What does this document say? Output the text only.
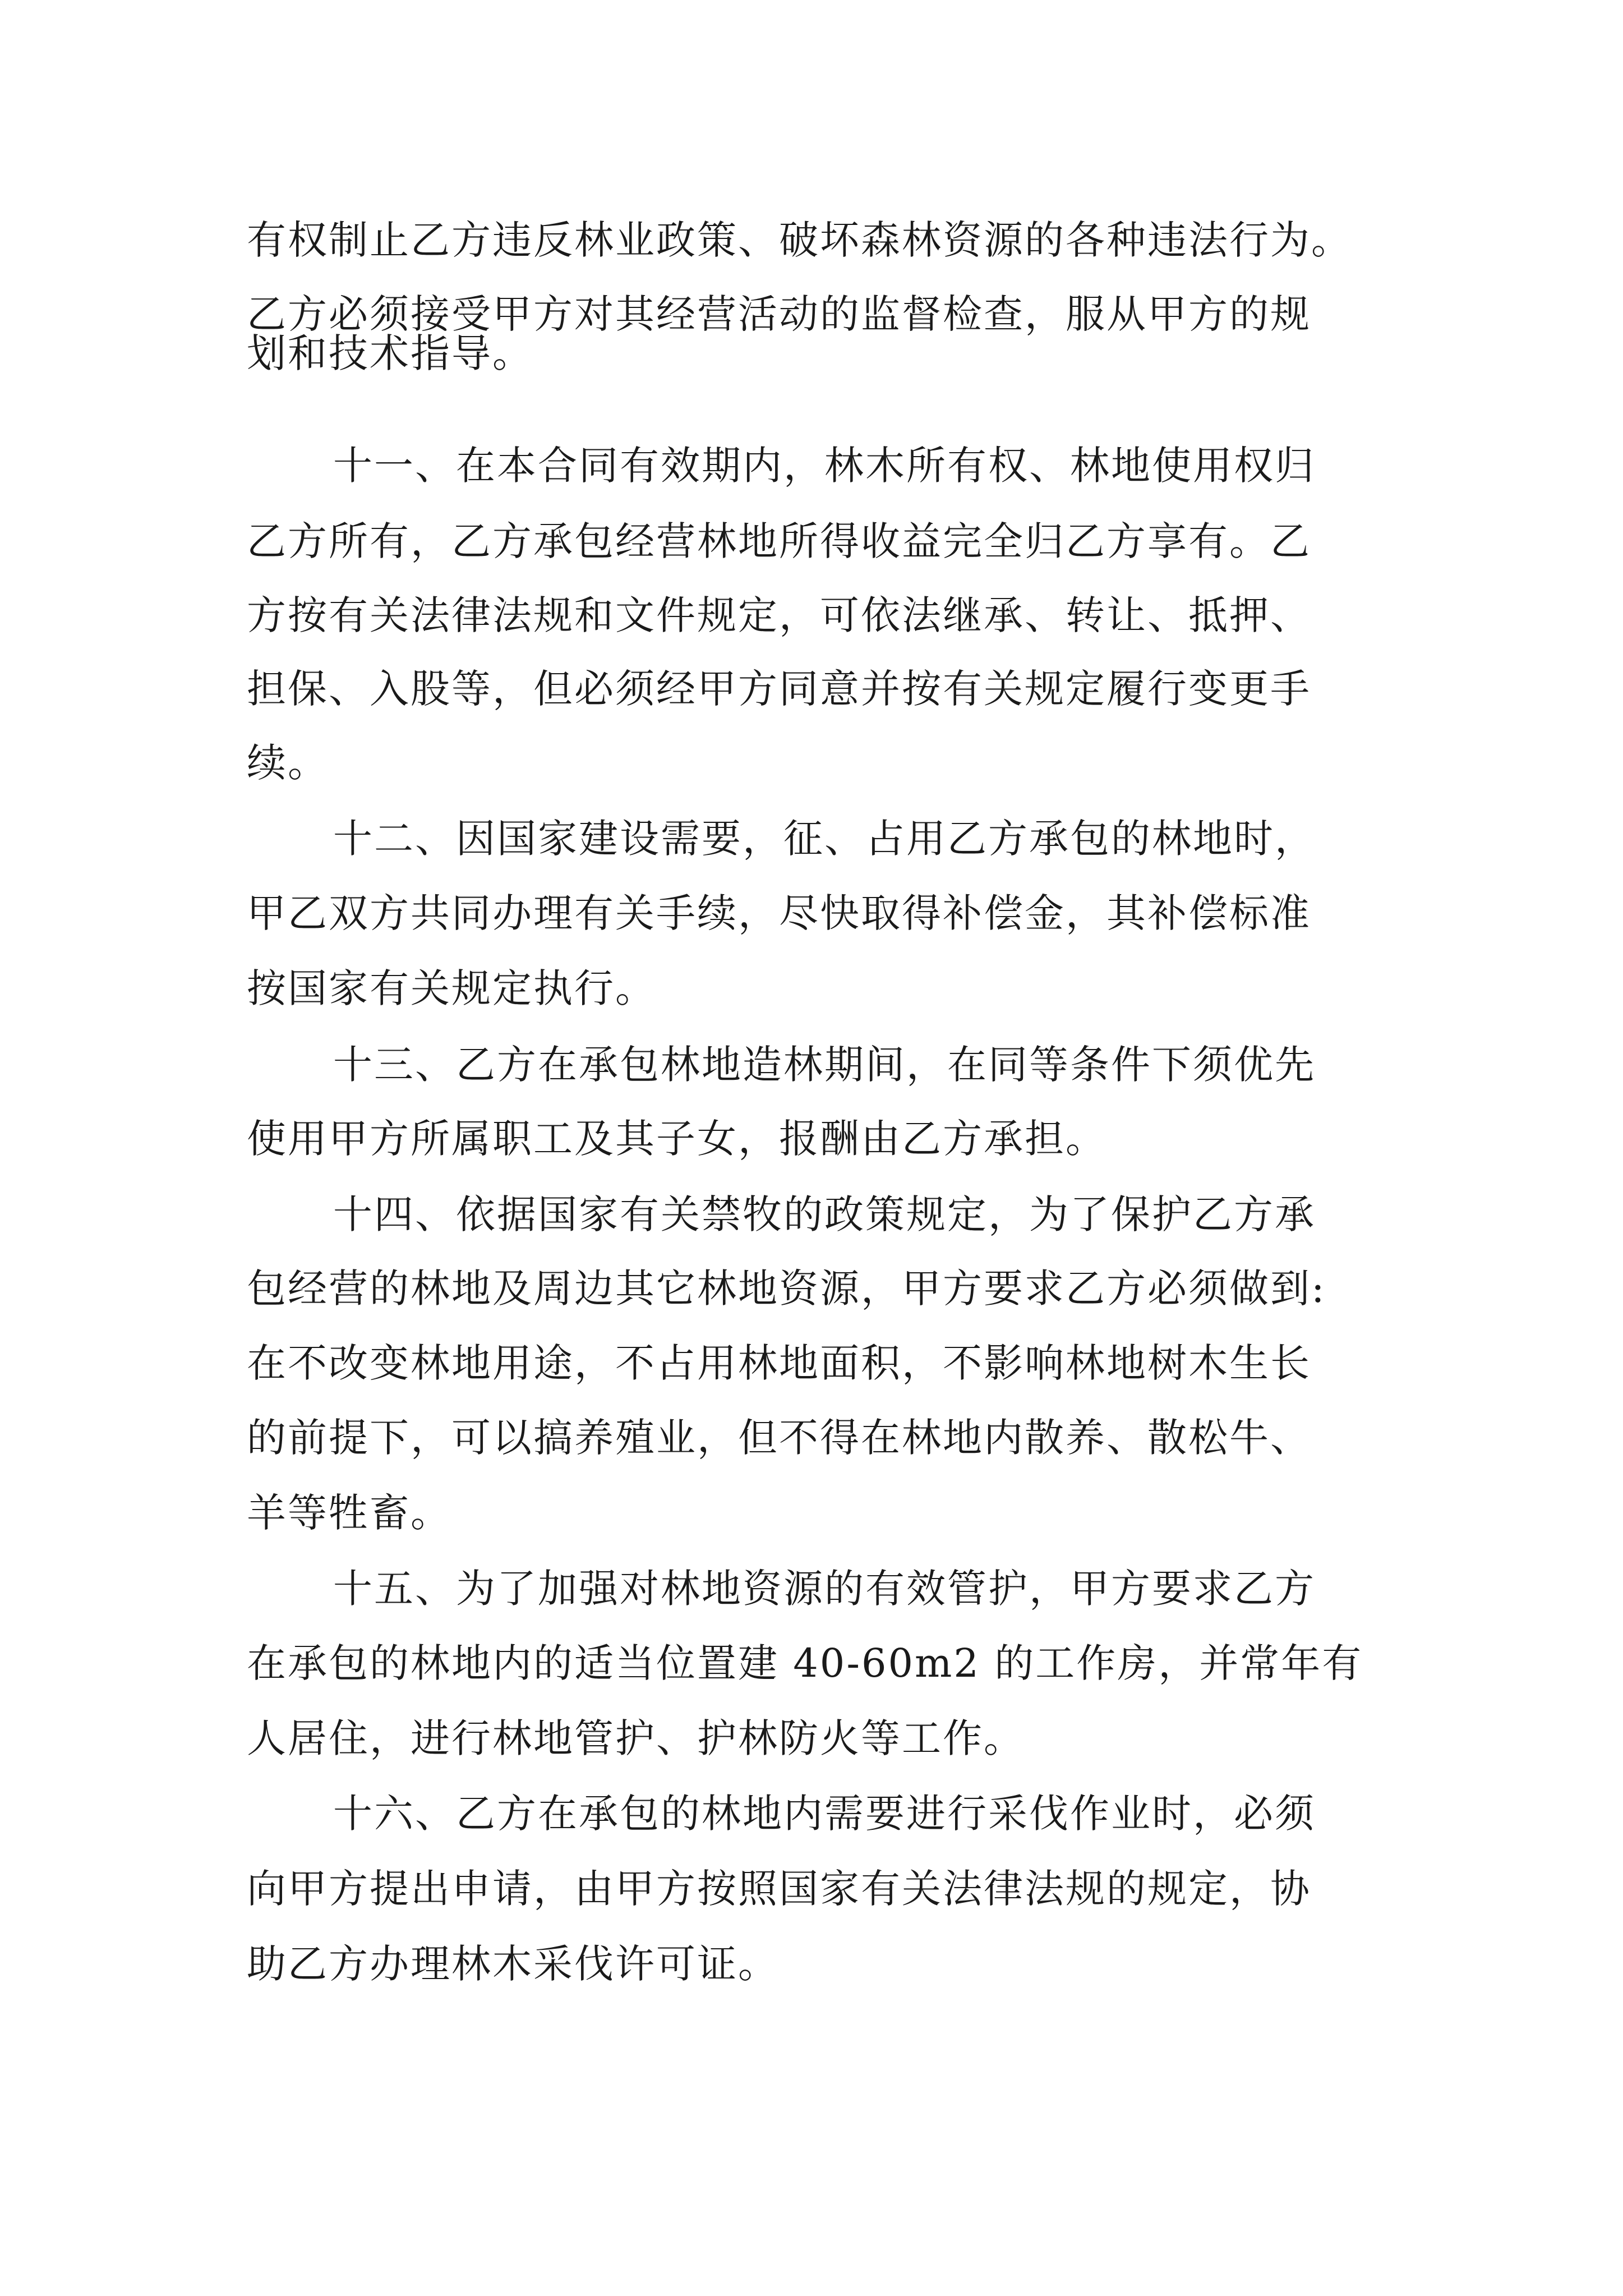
有权制止乙方违反林业政策、破坏森林资源的各种违法行为。

乙方必须接受甲方对其经营活动的监督检查，服从甲方的规

划和技术指导。

十一、在本合同有效期内，林木所有权、林地使用权归

乙方所有，乙方承包经营林地所得收益完全归乙方享有。乙

方按有关法律法规和文件规定，可依法继承、转让、抵押、

担保、入股等，但必须经甲方同意并按有关规定履行变更手

续。

十二、因国家建设需要，征、占用乙方承包的林地时，

甲乙双方共同办理有关手续，尽快取得补偿金，其补偿标准

按国家有关规定执行。

十三、乙方在承包林地造林期间，在同等条件下须优先

使用甲方所属职工及其子女，报酬由乙方承担。

十四、依据国家有关禁牧的政策规定，为了保护乙方承

包经营的林地及周边其它林地资源，甲方要求乙方必须做到:

在不改变林地用途，不占用林地面积，不影响林地树木生长

的前提下，可以搞养殖业，但不得在林地内散养、散松牛、

羊等牲畜。

十五、为了加强对林地资源的有效管护，甲方要求乙方

在承包的林地内的适当位置建 40-60m2 的工作房，并常年有

人居住，进行林地管护、护林防火等工作。

十六、乙方在承包的林地内需要进行采伐作业时，必须

向甲方提出申请，由甲方按照国家有关法律法规的规定，协

助乙方办理林木采伐许可证。
